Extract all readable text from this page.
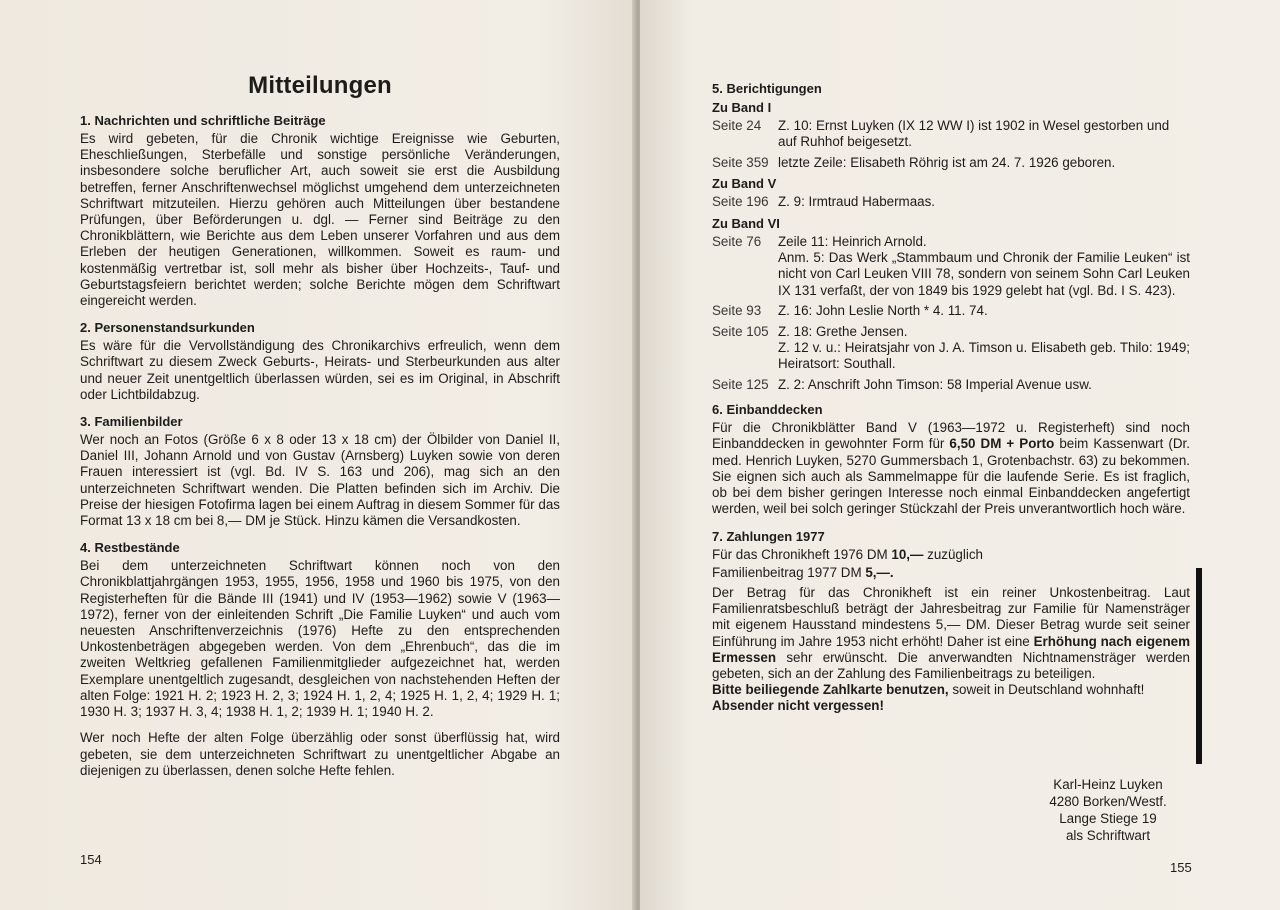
Mitteilungen
1. Nachrichten und schriftliche Beiträge
Es wird gebeten, für die Chronik wichtige Ereignisse wie Geburten, Eheschließungen, Sterbefälle und sonstige persönliche Veränderungen, insbesondere solche beruflicher Art, auch soweit sie erst die Ausbildung betreffen, ferner Anschriftenwechsel möglichst umgehend dem unterzeichneten Schriftwart mitzuteilen. Hierzu gehören auch Mitteilungen über bestandene Prüfungen, über Beförderungen u. dgl. — Ferner sind Beiträge zu den Chronikblättern, wie Berichte aus dem Leben unserer Vorfahren und aus dem Erleben der heutigen Generationen, willkommen. Soweit es raum- und kostenmäßig vertretbar ist, soll mehr als bisher über Hochzeits-, Tauf- und Geburtstagsfeiern berichtet werden; solche Berichte mögen dem Schriftwart eingereicht werden.
2. Personenstandsurkunden
Es wäre für die Vervollständigung des Chronikarchivs erfreulich, wenn dem Schriftwart zu diesem Zweck Geburts-, Heirats- und Sterbeurkunden aus alter und neuer Zeit unentgeltlich überlassen würden, sei es im Original, in Abschrift oder Lichtbildabzug.
3. Familienbilder
Wer noch an Fotos (Größe 6 x 8 oder 13 x 18 cm) der Ölbilder von Daniel II, Daniel III, Johann Arnold und von Gustav (Arnsberg) Luyken sowie von deren Frauen interessiert ist (vgl. Bd. IV S. 163 und 206), mag sich an den unterzeichneten Schriftwart wenden. Die Platten befinden sich im Archiv. Die Preise der hiesigen Fotofirma lagen bei einem Auftrag in diesem Sommer für das Format 13 x 18 cm bei 8,— DM je Stück. Hinzu kämen die Versandkosten.
4. Restbestände
Bei dem unterzeichneten Schriftwart können noch von den Chronikblattjahrgängen 1953, 1955, 1956, 1958 und 1960 bis 1975, von den Registerheften für die Bände III (1941) und IV (1953—1962) sowie V (1963—1972), ferner von der einleitenden Schrift „Die Familie Luyken“ und auch vom neuesten Anschriftenverzeichnis (1976) Hefte zu den entsprechenden Unkostenbeträgen abgegeben werden. Von dem „Ehrenbuch“, das die im zweiten Weltkrieg gefallenen Familienmitglieder aufgezeichnet hat, werden Exemplare unentgeltlich zugesandt, desgleichen von nachstehenden Heften der alten Folge: 1921 H. 2; 1923 H. 2, 3; 1924 H. 1, 2, 4; 1925 H. 1, 2, 4; 1929 H. 1; 1930 H. 3; 1937 H. 3, 4; 1938 H. 1, 2; 1939 H. 1; 1940 H. 2.
Wer noch Hefte der alten Folge überzählig oder sonst überflüssig hat, wird gebeten, sie dem unterzeichneten Schriftwart zu unentgeltlicher Abgabe an diejenigen zu überlassen, denen solche Hefte fehlen.
154
5. Berichtigungen
Zu Band I
Seite 24	Z. 10: Ernst Luyken (IX 12 WW I) ist 1902 in Wesel gestorben und auf Ruhhof beigesetzt.
Seite 359 letzte Zeile: Elisabeth Röhrig ist am 24. 7. 1926 geboren.
Zu Band V
Seite 196 Z. 9: Irmtraud Habermaas.
Zu Band VI
Seite 76	Zeile 11: Heinrich Arnold.
Anm. 5: Das Werk „Stammbaum und Chronik der Familie Leuken“ ist nicht von Carl Leuken VIII 78, sondern von seinem Sohn Carl Leuken IX 131 verfaßt, der von 1849 bis 1929 gelebt hat (vgl. Bd. I S. 423).
Seite 93	Z. 16: John Leslie North * 4. 11. 74.
Seite 105 Z. 18: Grethe Jensen.
Z. 12 v. u.: Heiratsjahr von J. A. Timson u. Elisabeth geb. Thilo: 1949; Heiratsort: Southall.
Seite 125 Z. 2: Anschrift John Timson: 58 Imperial Avenue usw.
6. Einbanddecken
Für die Chronikblätter Band V (1963—1972 u. Registerheft) sind noch Einbanddecken in gewohnter Form für 6,50 DM + Porto beim Kassenwart (Dr. med. Henrich Luyken, 5270 Gummersbach 1, Grotenbachstr. 63) zu bekommen. Sie eignen sich auch als Sammelmappe für die laufende Serie. Es ist fraglich, ob bei dem bisher geringen Interesse noch einmal Einbanddecken angefertigt werden, weil bei solch geringer Stückzahl der Preis unverantwortlich hoch wäre.
7. Zahlungen 1977
Für das Chronikheft 1976 DM 10,— zuzüglich
Familienbeitrag 1977 DM 5,—.
Der Betrag für das Chronikheft ist ein reiner Unkostenbeitrag. Laut Familienratsbeschluß beträgt der Jahresbeitrag zur Familie für Namensträger mit eigenem Hausstand mindestens 5,— DM. Dieser Betrag wurde seit seiner Einführung im Jahre 1953 nicht erhöht! Daher ist eine Erhöhung nach eigenem Ermessen sehr erwünscht. Die anverwandten Nichtnamensträger werden gebeten, sich an der Zahlung des Familienbeitrags zu beteiligen.
Bitte beiliegende Zahlkarte benutzen, soweit in Deutschland wohnhaft!
Absender nicht vergessen!
Karl-Heinz Luyken
4280 Borken/Westf.
Lange Stiege 19
als Schriftwart
155
